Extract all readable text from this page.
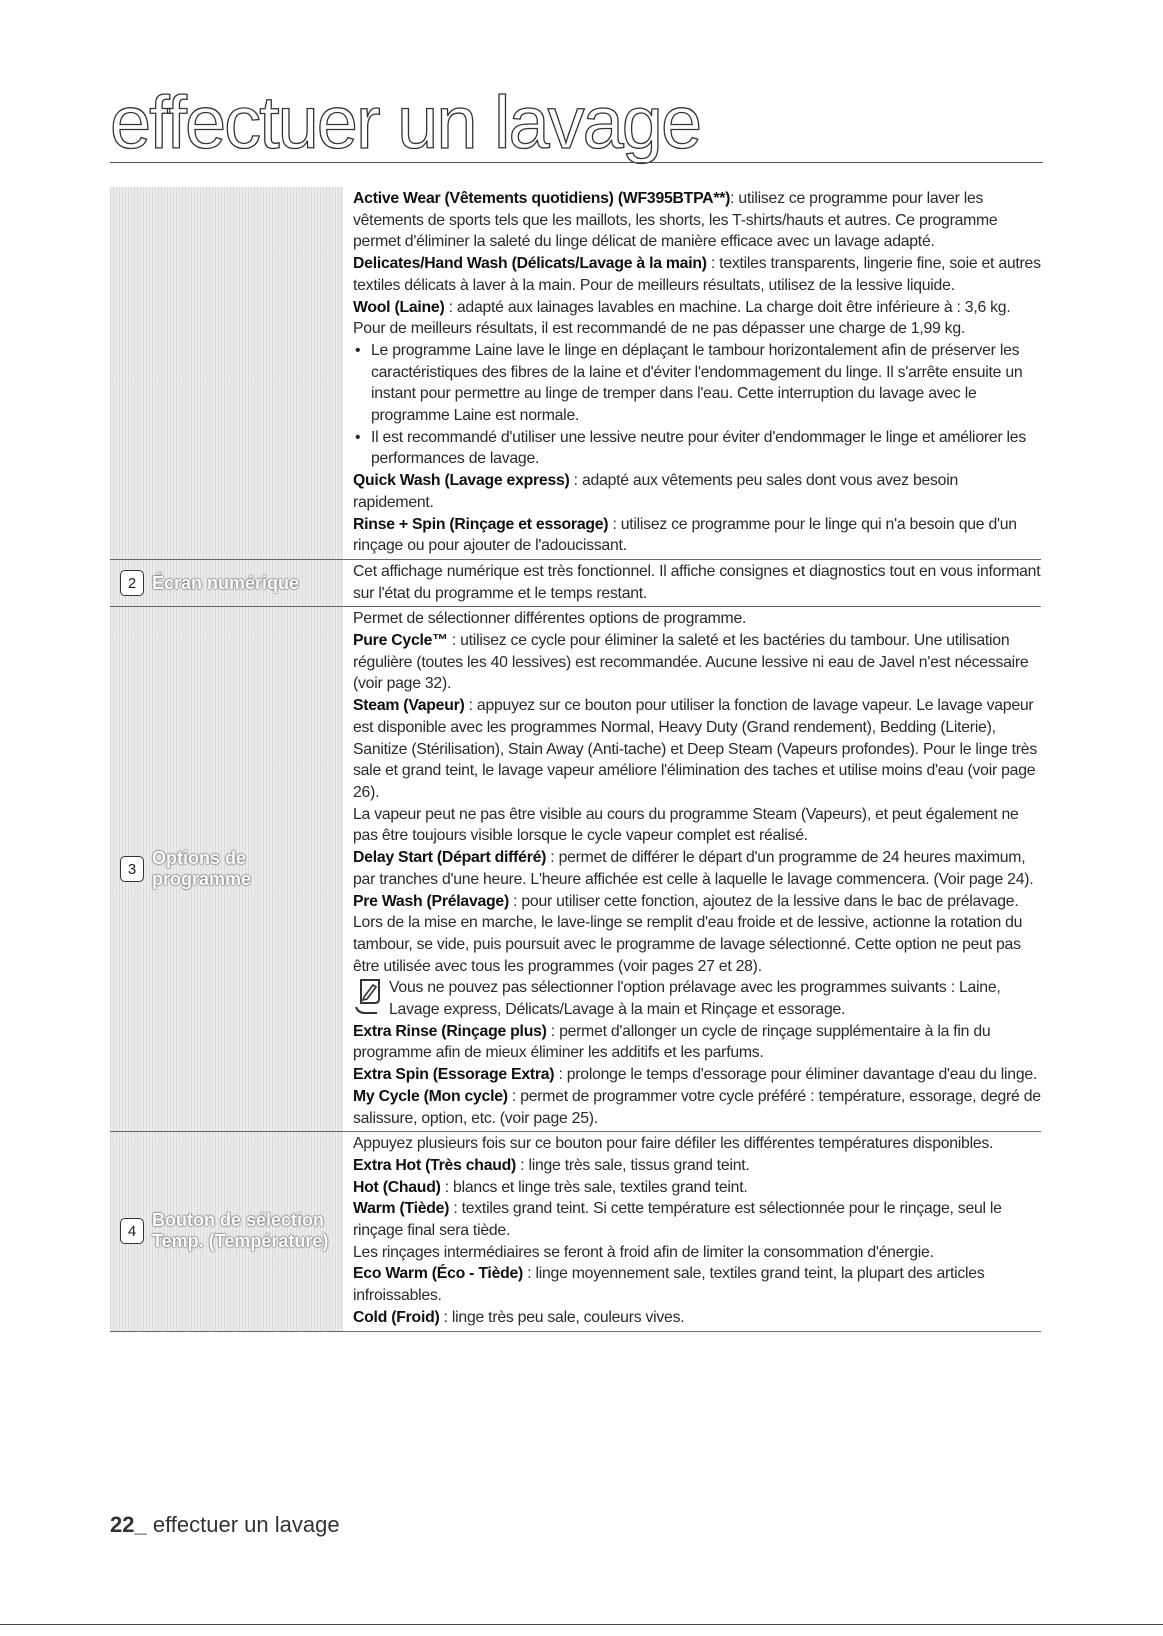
effectuer un lavage

Active Wear (Vêtements quotidiens) (WF395BTPA**): utilisez ce programme pour laver les vêtements de sports tels que les maillots, les shorts, les T-shirts/hauts et autres. Ce programme permet d'éliminer la saleté du linge délicat de manière efficace avec un lavage adapté.

Delicates/Hand Wash (Délicats/Lavage à la main) : textiles transparents, lingerie fine, soie et autres textiles délicats à laver à la main. Pour de meilleurs résultats, utilisez de la lessive liquide.

Wool (Laine) : adapté aux lainages lavables en machine. La charge doit être inférieure à : 3,6 kg. Pour de meilleurs résultats, il est recommandé de ne pas dépasser une charge de 1,99 kg.

• Le programme Laine lave le linge en déplaçant le tambour horizontalement afin de préserver les caractéristiques des fibres de la laine et d'éviter l'endommagement du linge. Il s'arrête ensuite un instant pour permettre au linge de tremper dans l'eau. Cette interruption du lavage avec le programme Laine est normale.
• Il est recommandé d'utiliser une lessive neutre pour éviter d'endommager le linge et améliorer les performances de lavage.

Quick Wash (Lavage express) : adapté aux vêtements peu sales dont vous avez besoin rapidement.

Rinse + Spin (Rinçage et essorage) : utilisez ce programme pour le linge qui n'a besoin que d'un rinçage ou pour ajouter de l'adoucissant.

2 Écran numérique

Cet affichage numérique est très fonctionnel. Il affiche consignes et diagnostics tout en vous informant sur l'état du programme et le temps restant.

3
Options de
programme

Permet de sélectionner différentes options de programme.

Pure Cycle™ : utilisez ce cycle pour éliminer la saleté et les bactéries du tambour. Une utilisation régulière (toutes les 40 lessives) est recommandée. Aucune lessive ni eau de Javel n'est nécessaire (voir page 32).

Steam (Vapeur) : appuyez sur ce bouton pour utiliser la fonction de lavage vapeur. Le lavage vapeur est disponible avec les programmes Normal, Heavy Duty (Grand rendement), Bedding (Literie), Sanitize (Stérilisation), Stain Away (Anti-tache) et Deep Steam (Vapeurs profondes). Pour le linge très sale et grand teint, le lavage vapeur améliore l'élimination des taches et utilise moins d'eau (voir page 26).

La vapeur peut ne pas être visible au cours du programme Steam (Vapeurs), et peut également ne pas être toujours visible lorsque le cycle vapeur complet est réalisé.

Delay Start (Départ différé) : permet de différer le départ d'un programme de 24 heures maximum, par tranches d'une heure. L'heure affichée est celle à laquelle le lavage commencera. (Voir page 24).

Pre Wash (Prélavage) : pour utiliser cette fonction, ajoutez de la lessive dans le bac de prélavage. Lors de la mise en marche, le lave-linge se remplit d'eau froide et de lessive, actionne la rotation du tambour, se vide, puis poursuit avec le programme de lavage sélectionné. Cette option ne peut pas être utilisée avec tous les programmes (voir pages 27 et 28).

Vous ne pouvez pas sélectionner l'option prélavage avec les programmes suivants : Laine, Lavage express, Délicats/Lavage à la main et Rinçage et essorage.

Extra Rinse (Rinçage plus) : permet d'allonger un cycle de rinçage supplémentaire à la fin du programme afin de mieux éliminer les additifs et les parfums.

Extra Spin (Essorage Extra) : prolonge le temps d'essorage pour éliminer davantage d'eau du linge.

My Cycle (Mon cycle) : permet de programmer votre cycle préféré : température, essorage, degré de salissure, option, etc. (voir page 25).

4
Bouton de sélection
Temp. (Température)

Appuyez plusieurs fois sur ce bouton pour faire défiler les différentes températures disponibles.

Extra Hot (Très chaud) : linge très sale, tissus grand teint.

Hot (Chaud) : blancs et linge très sale, textiles grand teint.

Warm (Tiède) : textiles grand teint. Si cette température est sélectionnée pour le rinçage, seul le rinçage final sera tiède.

Les rinçages intermédiaires se feront à froid afin de limiter la consommation d'énergie.

Eco Warm (Éco - Tiède) : linge moyennement sale, textiles grand teint, la plupart des articles infroissables.

Cold (Froid) : linge très peu sale, couleurs vives.

22_ effectuer un lavage
